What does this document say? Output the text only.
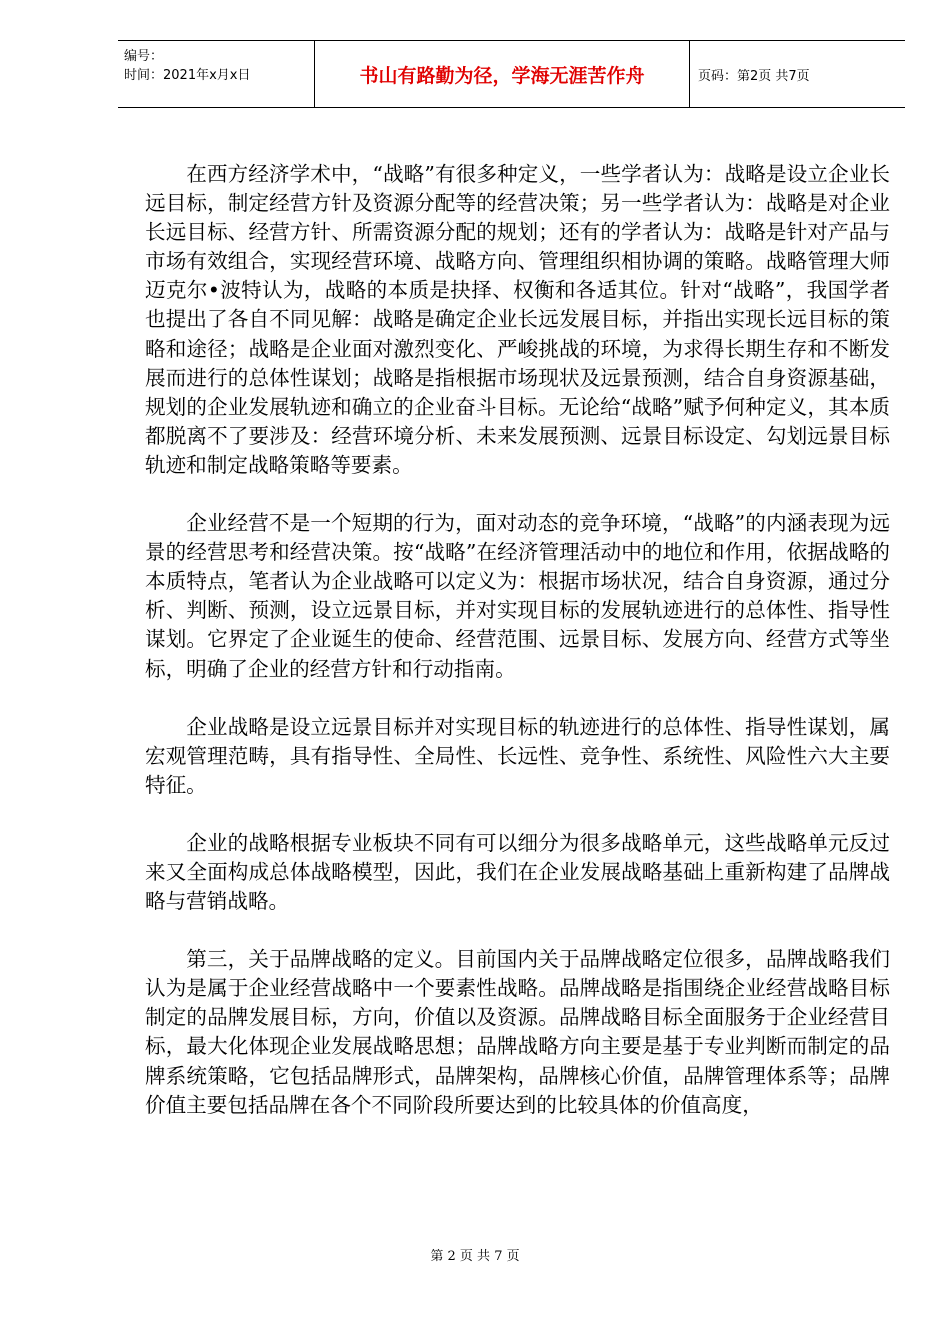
编号：
时间：2021年x月x日	书山有路勤为径，学海无涯苦作舟	页码：第2页 共7页

在西方经济学术中，“战略”有很多种定义，一些学者认为：战略是设立企业长远目标，制定经营方针及资源分配等的经营决策；另一些学者认为：战略是对企业长远目标、经营方针、所需资源分配的规划；还有的学者认为：战略是针对产品与市场有效组合，实现经营环境、战略方向、管理组织相协调的策略。战略管理大师迈克尔•波特认为，战略的本质是抉择、权衡和各适其位。针对“战略”，我国学者也提出了各自不同见解：战略是确定企业长远发展目标，并指出实现长远目标的策略和途径；战略是企业面对激烈变化、严峻挑战的环境，为求得长期生存和不断发展而进行的总体性谋划；战略是指根据市场现状及远景预测，结合自身资源基础，规划的企业发展轨迹和确立的企业奋斗目标。无论给“战略”赋予何种定义，其本质都脱离不了要涉及：经营环境分析、未来发展预测、远景目标设定、勾划远景目标轨迹和制定战略策略等要素。

企业经营不是一个短期的行为，面对动态的竞争环境，“战略”的内涵表现为远景的经营思考和经营决策。按“战略”在经济管理活动中的地位和作用，依据战略的本质特点，笔者认为企业战略可以定义为：根据市场状况，结合自身资源，通过分析、判断、预测，设立远景目标，并对实现目标的发展轨迹进行的总体性、指导性谋划。它界定了企业诞生的使命、经营范围、远景目标、发展方向、经营方式等坐标，明确了企业的经营方针和行动指南。

企业战略是设立远景目标并对实现目标的轨迹进行的总体性、指导性谋划，属宏观管理范畴，具有指导性、全局性、长远性、竞争性、系统性、风险性六大主要特征。

企业的战略根据专业板块不同有可以细分为很多战略单元，这些战略单元反过来又全面构成总体战略模型，因此，我们在企业发展战略基础上重新构建了品牌战略与营销战略。

第三，关于品牌战略的定义。目前国内关于品牌战略定位很多，品牌战略我们认为是属于企业经营战略中一个要素性战略。品牌战略是指围绕企业经营战略目标制定的品牌发展目标，方向，价值以及资源。品牌战略目标全面服务于企业经营目标，最大化体现企业发展战略思想；品牌战略方向主要是基于专业判断而制定的品牌系统策略，它包括品牌形式，品牌架构，品牌核心价值，品牌管理体系等；品牌价值主要包括品牌在各个不同阶段所要达到的比较具体的价值高度，

第 2 页 共 7 页
